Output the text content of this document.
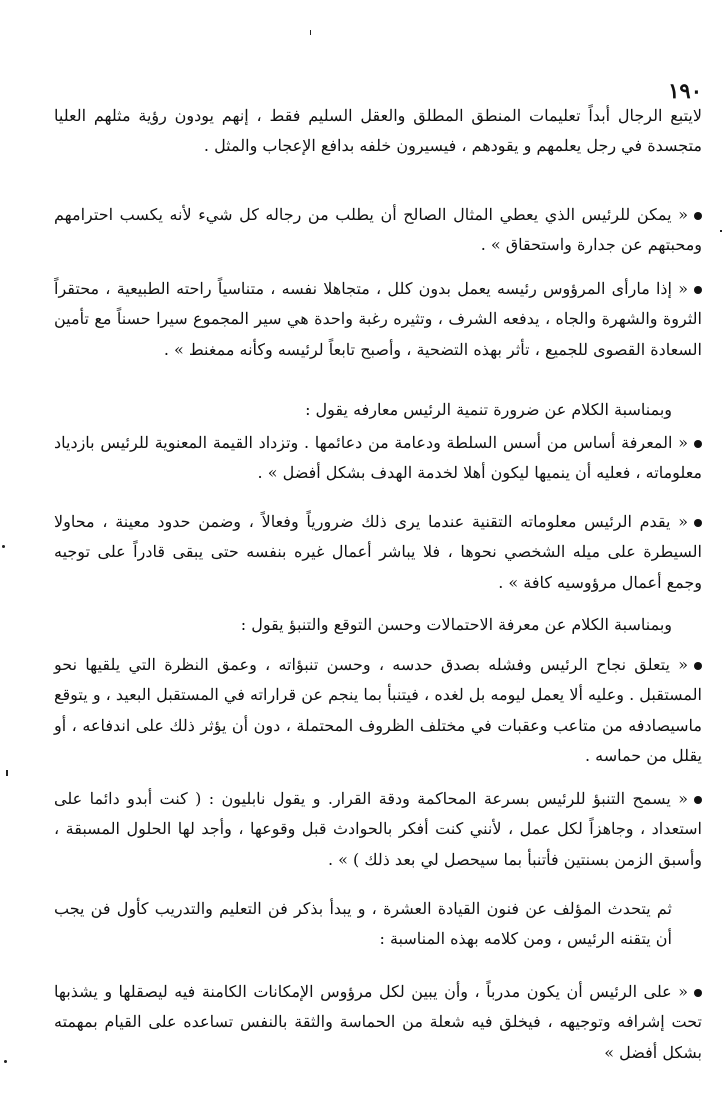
١٩٠

لايتبع الرجال أبداً تعليمات المنطق المطلق والعقل السليم فقط ، إنهم يودون رؤية مثلهم العليا متجسدة في رجل يعلمهم و يقودهم ، فيسيرون خلفه بدافع الإعجاب والمثل .

« يمكن للرئيس الذي يعطي المثال الصالح أن يطلب من رجاله كل شيء لأنه يكسب احترامهم ومحبتهم عن جدارة واستحقاق » .

« إذا مارأى المرؤوس رئيسه يعمل بدون كلل ، متجاهلا نفسه ، متناسياً راحته الطبيعية ، محتقراً الثروة والشهرة والجاه ، يدفعه الشرف ، وتثيره رغبة واحدة هي سير المجموع سيرا حسناً مع تأمين السعادة القصوى للجميع ، تأثر بهذه التضحية ، وأصبح تابعاً لرئيسه وكأنه ممغنط » .

وبمناسبة الكلام عن ضرورة تنمية الرئيس معارفه يقول :

« المعرفة أساس من أسس السلطة ودعامة من دعائمها . وتزداد القيمة المعنوية للرئيس بازدياد معلوماته ، فعليه أن ينميها ليكون أهلا لخدمة الهدف بشكل أفضل » .

« يقدم الرئيس معلوماته التقنية عندما يرى ذلك ضرورياً وفعالاً ، وضمن حدود معينة ، محاولا السيطرة على ميله الشخصي نحوها ، فلا يباشر أعمال غيره بنفسه حتى يبقى قادراً على توجيه وجمع أعمال مرؤوسيه كافة » .

وبمناسبة الكلام عن معرفة الاحتمالات وحسن التوقع والتنبؤ يقول :

« يتعلق نجاح الرئيس وفشله بصدق حدسه ، وحسن تنبؤاته ، وعمق النظرة التي يلقيها نحو المستقبل . وعليه ألا يعمل ليومه بل لغده ، فيتنبأ بما ينجم عن قراراته في المستقبل البعيد ، و يتوقع ماسيصادفه من متاعب وعقبات في مختلف الظروف المحتملة ، دون أن يؤثر ذلك على اندفاعه ، أو يقلل من حماسه .

« يسمح التنبؤ للرئيس بسرعة المحاكمة ودقة القرار. و يقول نابليون : ( كنت أبدو دائما على استعداد ، وجاهزاً لكل عمل ، لأنني كنت أفكر بالحوادث قبل وقوعها ، وأجد لها الحلول المسبقة ، وأسبق الزمن بسنتين فأتنبأ بما سيحصل لي بعد ذلك ) » .

ثم يتحدث المؤلف عن فنون القيادة العشرة ، و يبدأ بذكر فن التعليم والتدريب كأول فن يجب أن يتقنه الرئيس ، ومن كلامه بهذه المناسبة :

« على الرئيس أن يكون مدرباً ، وأن يبين لكل مرؤوس الإمكانات الكامنة فيه ليصقلها و يشذبها تحت إشرافه وتوجيهه ، فيخلق فيه شعلة من الحماسة والثقة بالنفس تساعده على القيام بمهمته بشكل أفضل »
